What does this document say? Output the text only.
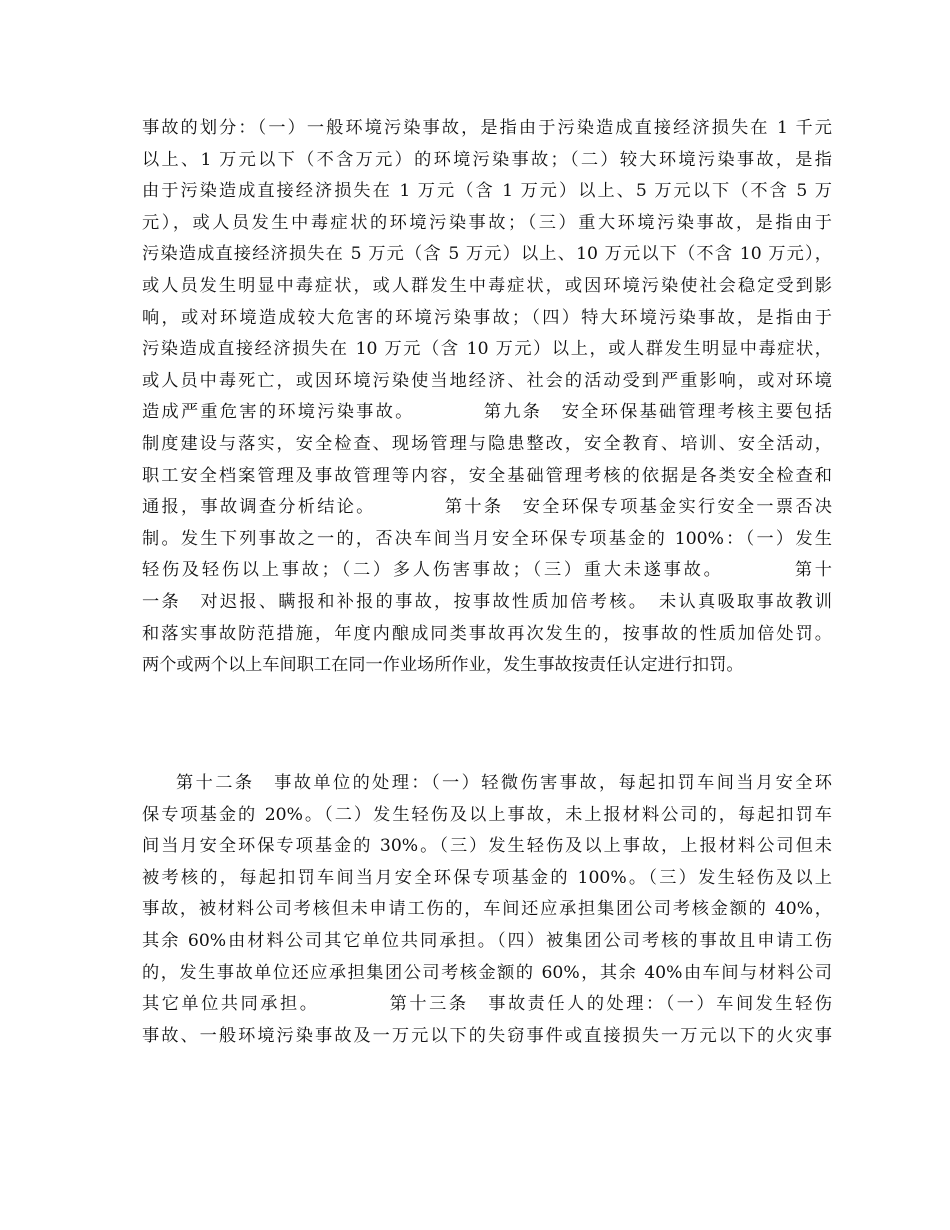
事故的划分：（一）一般环境污染事故，是指由于污染造成直接经济损失在 1 千元
以上、1 万元以下（不含万元）的环境污染事故；（二）较大环境污染事故，是指
由于污染造成直接经济损失在 1 万元（含 1 万元）以上、5 万元以下（不含 5 万
元），或人员发生中毒症状的环境污染事故；（三）重大环境污染事故，是指由于
污染造成直接经济损失在 5 万元（含 5 万元）以上、10 万元以下（不含 10 万元），
或人员发生明显中毒症状，或人群发生中毒症状，或因环境污染使社会稳定受到影
响，或对环境造成较大危害的环境污染事故；（四）特大环境污染事故，是指由于
污染造成直接经济损失在 10 万元（含 10 万元）以上，或人群发生明显中毒症状，
或人员中毒死亡，或因环境污染使当地经济、社会的活动受到严重影响，或对环境
造成严重危害的环境污染事故。　　　　第九条　安全环保基础管理考核主要包括
制度建设与落实，安全检查、现场管理与隐患整改，安全教育、培训、安全活动，
职工安全档案管理及事故管理等内容，安全基础管理考核的依据是各类安全检查和
通报，事故调查分析结论。　　　　第十条　安全环保专项基金实行安全一票否决
制。发生下列事故之一的，否决车间当月安全环保专项基金的 100%：（一）发生
轻伤及轻伤以上事故；（二）多人伤害事故；（三）重大未遂事故。　　　　第十
一条　对迟报、瞒报和补报的事故，按事故性质加倍考核。　未认真吸取事故教训
和落实事故防范措施，年度内酿成同类事故再次发生的，按事故的性质加倍处罚。
两个或两个以上车间职工在同一作业场所作业，发生事故按责任认定进行扣罚。
第十二条　事故单位的处理：（一）轻微伤害事故，每起扣罚车间当月安全环
保专项基金的 20%。（二）发生轻伤及以上事故，未上报材料公司的，每起扣罚车
间当月安全环保专项基金的 30%。（三）发生轻伤及以上事故，上报材料公司但未
被考核的，每起扣罚车间当月安全环保专项基金的 100%。（三）发生轻伤及以上
事故，被材料公司考核但未申请工伤的，车间还应承担集团公司考核金额的 40%，
其余 60%由材料公司其它单位共同承担。（四）被集团公司考核的事故且申请工伤
的，发生事故单位还应承担集团公司考核金额的 60%，其余 40%由车间与材料公司
其它单位共同承担。　　　　第十三条　事故责任人的处理：（一）车间发生轻伤
事故、一般环境污染事故及一万元以下的失窃事件或直接损失一万元以下的火灾事
